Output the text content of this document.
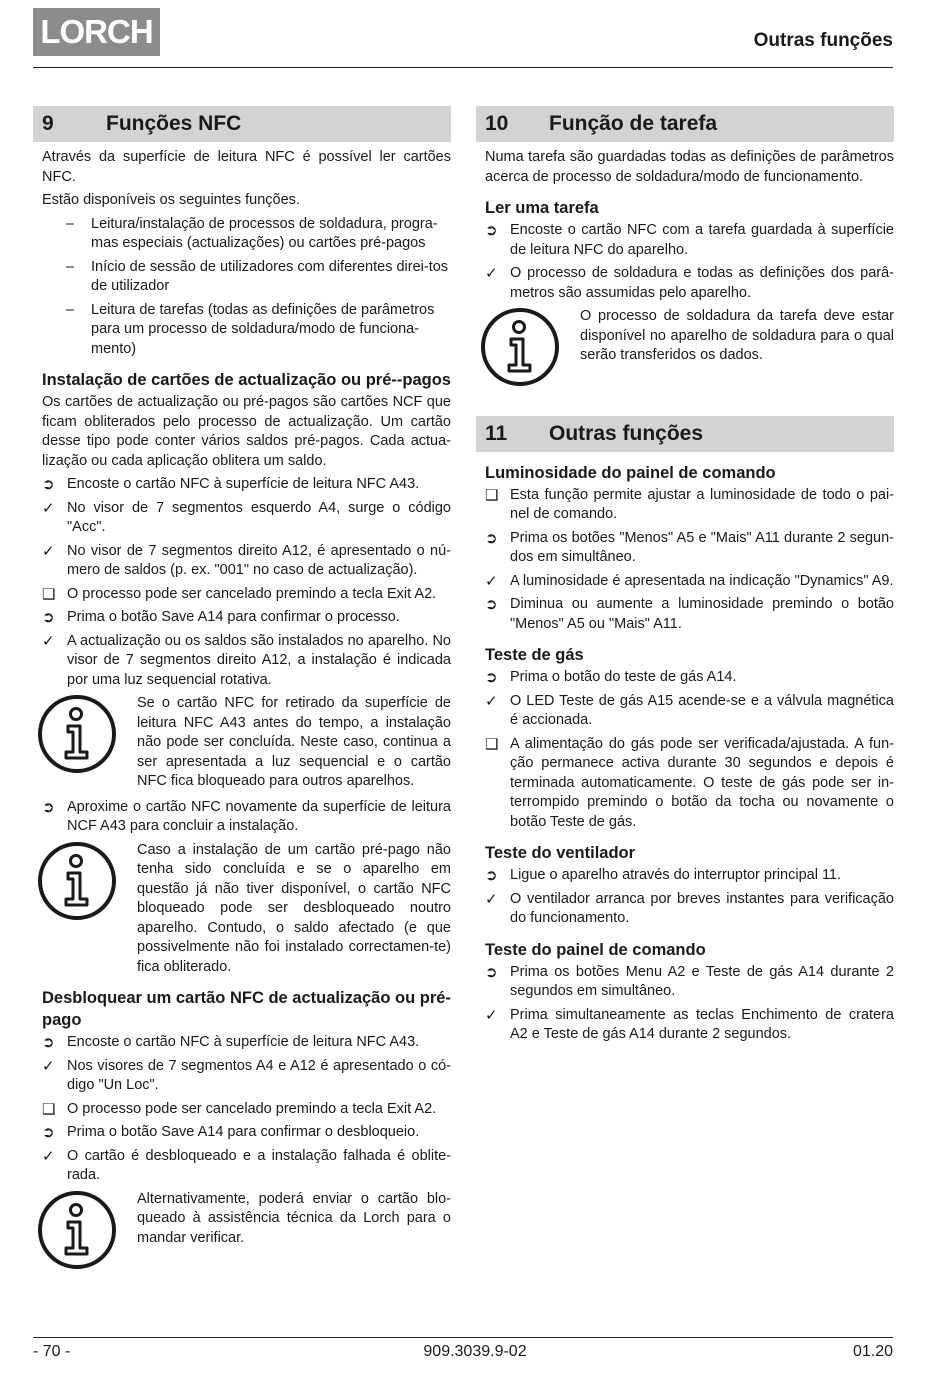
LORCH	Outras funções
9	Funções NFC
Através da superfície de leitura NFC é possível ler cartões NFC.
Estão disponíveis os seguintes funções.
–	Leitura/instalação de processos de soldadura, progra-mas especiais (actualizações) ou cartões pré-pagos
–	Início de sessão de utilizadores com diferentes direi-tos de utilizador
–	Leitura de tarefas (todas as definições de parâmetros para um processo de soldadura/modo de funciona-mento)
Instalação de cartões de actualização ou pré--pagos
Os cartões de actualização ou pré-pagos são cartões NCF que ficam obliterados pelo processo de actualização. Um cartão desse tipo pode conter vários saldos pré-pagos. Cada actua-lização ou cada aplicação oblitera um saldo.
➲ Encoste o cartão NFC à superfície de leitura NFC A43.
✓ No visor de 7 segmentos esquerdo A4, surge o código "Acc".
✓ No visor de 7 segmentos direito A12, é apresentado o nú-mero de saldos (p. ex. "001" no caso de actualização).
❑ O processo pode ser cancelado premindo a tecla Exit A2.
➲ Prima o botão Save A14 para confirmar o processo.
✓ A actualização ou os saldos são instalados no aparelho. No visor de 7 segmentos direito A12, a instalação é indicada por uma luz sequencial rotativa.
Se o cartão NFC for retirado da superfície de leitura NFC A43 antes do tempo, a instalação não pode ser concluída. Neste caso, continua a ser apresentada a luz sequencial e o cartão NFC fica bloqueado para outros aparelhos.
➲ Aproxime o cartão NFC novamente da superfície de leitura NCF A43 para concluir a instalação.
Caso a instalação de um cartão pré-pago não tenha sido concluída e se o aparelho em questão já não tiver disponível, o cartão NFC bloqueado pode ser desbloqueado noutro aparelho. Contudo, o saldo afectado (e que possivelmente não foi instalado correctamen-te) fica obliterado.
Desbloquear um cartão NFC de actualização ou pré-pago
➲ Encoste o cartão NFC à superfície de leitura NFC A43.
✓ Nos visores de 7 segmentos A4 e A12 é apresentado o có-digo "Un Loc".
❑ O processo pode ser cancelado premindo a tecla Exit A2.
➲ Prima o botão Save A14 para confirmar o desbloqueio.
✓ O cartão é desbloqueado e a instalação falhada é oblite-rada.
Alternativamente, poderá enviar o cartão blo-queado à assistência técnica da Lorch para o mandar verificar.
10	Função de tarefa
Numa tarefa são guardadas todas as definições de parâmetros acerca de processo de soldadura/modo de funcionamento.
Ler uma tarefa
➲ Encoste o cartão NFC com a tarefa guardada à superfície de leitura NFC do aparelho.
✓ O processo de soldadura e todas as definições dos parâ-metros são assumidas pelo aparelho.
O processo de soldadura da tarefa deve estar disponível no aparelho de soldadura para o qual serão transferidos os dados.
11	Outras funções
Luminosidade do painel de comando
❑ Esta função permite ajustar a luminosidade de todo o pai-nel de comando.
➲ Prima os botões "Menos" A5 e "Mais" A11 durante 2 segun-dos em simultâneo.
✓ A luminosidade é apresentada na indicação "Dynamics" A9.
➲ Diminua ou aumente a luminosidade premindo o botão "Menos" A5 ou "Mais" A11.
Teste de gás
➲ Prima o botão do teste de gás A14.
✓ O LED Teste de gás A15 acende-se e a válvula magnética é accionada.
❑ A alimentação do gás pode ser verificada/ajustada. A fun-ção permanece activa durante 30 segundos e depois é terminada automaticamente. O teste de gás pode ser in-terrompido premindo o botão da tocha ou novamente o botão Teste de gás.
Teste do ventilador
➲ Ligue o aparelho através do interruptor principal 11.
✓ O ventilador arranca por breves instantes para verificação do funcionamento.
Teste do painel de comando
➲ Prima os botões Menu A2 e Teste de gás A14 durante 2 segundos em simultâneo.
✓ Prima simultaneamente as teclas Enchimento de cratera A2 e Teste de gás A14 durante 2 segundos.
- 70 -	909.3039.9-02	01.20
